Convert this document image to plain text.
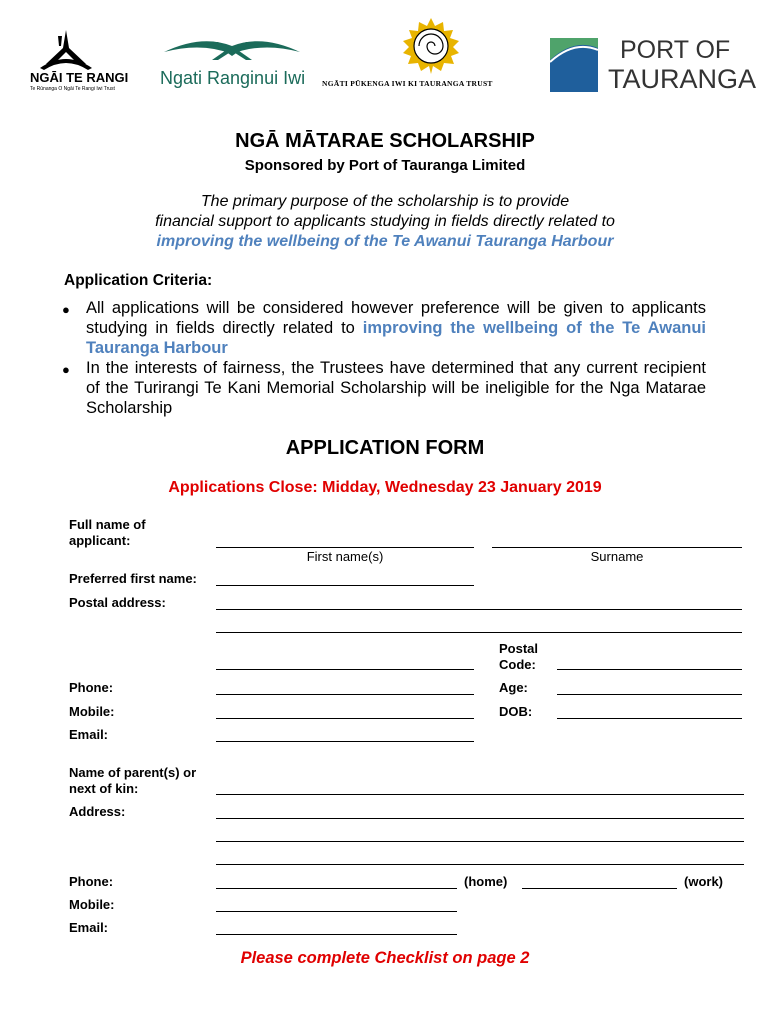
NGĀI TE RANGI
Te Rūnanga O Ngāi Te Rangi Iwi Trust
Ngati Ranginui Iwi NGĀTI PŪKENGA IWI KI TAURANGA TRUST
PORT OF
TAURANGA
NGĀ MĀTARAE SCHOLARSHIP
Sponsored by Port of Tauranga Limited
The primary purpose of the scholarship is to provide
financial support to applicants studying in fields directly related to
improving the wellbeing of the Te Awanui Tauranga Harbour
Application Criteria:
● All applications will be considered however preference will be given to applicants studying in fields directly related to improving the wellbeing of the Te Awanui Tauranga Harbour
● In the interests of fairness, the Trustees have determined that any current recipient of the Turirangi Te Kani Memorial Scholarship will be ineligible for the Nga Matarae Scholarship
APPLICATION FORM
Applications Close: Midday, Wednesday 23 January 2019
Full name of applicant:
First name(s)	Surname
Preferred first name:
Postal address:
Postal Code:
Phone:	Age:
Mobile:	DOB:
Email:
Name of parent(s) or next of kin:
Address:
Phone:	(home)	(work)
Mobile:
Email:
Please complete Checklist on page 2
